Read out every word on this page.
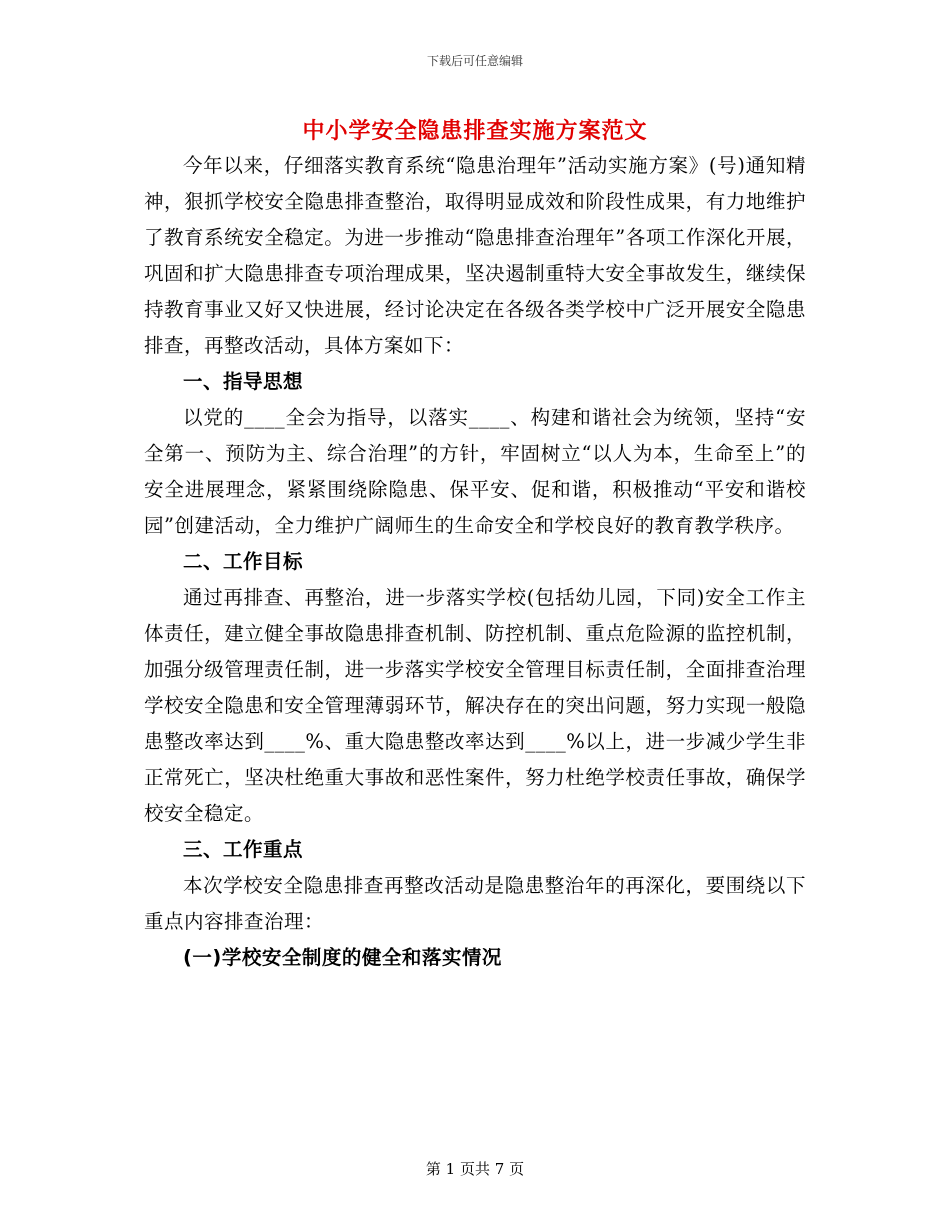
下载后可任意编辑
中小学安全隐患排查实施方案范文

今年以来，仔细落实教育系统“隐患治理年”活动实施方案》(号)通知精神，狠抓学校安全隐患排查整治，取得明显成效和阶段性成果，有力地维护了教育系统安全稳定。为进一步推动“隐患排查治理年”各项工作深化开展，巩固和扩大隐患排查专项治理成果，坚决遏制重特大安全事故发生，继续保持教育事业又好又快进展，经讨论决定在各级各类学校中广泛开展安全隐患排查，再整改活动，具体方案如下：

一、指导思想

以党的____全会为指导，以落实____、构建和谐社会为统领，坚持“安全第一、预防为主、综合治理”的方针，牢固树立“以人为本，生命至上”的安全进展理念，紧紧围绕除隐患、保平安、促和谐，积极推动“平安和谐校园”创建活动，全力维护广阔师生的生命安全和学校良好的教育教学秩序。

二、工作目标

通过再排查、再整治，进一步落实学校(包括幼儿园，下同)安全工作主体责任，建立健全事故隐患排查机制、防控机制、重点危险源的监控机制，加强分级管理责任制，进一步落实学校安全管理目标责任制，全面排查治理学校安全隐患和安全管理薄弱环节，解决存在的突出问题，努力实现一般隐患整改率达到____%、重大隐患整改率达到____%以上，进一步减少学生非正常死亡，坚决杜绝重大事故和恶性案件，努力杜绝学校责任事故，确保学校安全稳定。

三、工作重点

本次学校安全隐患排查再整改活动是隐患整治年的再深化，要围绕以下重点内容排查治理：

(一)学校安全制度的健全和落实情况

第 1 页共 7 页
